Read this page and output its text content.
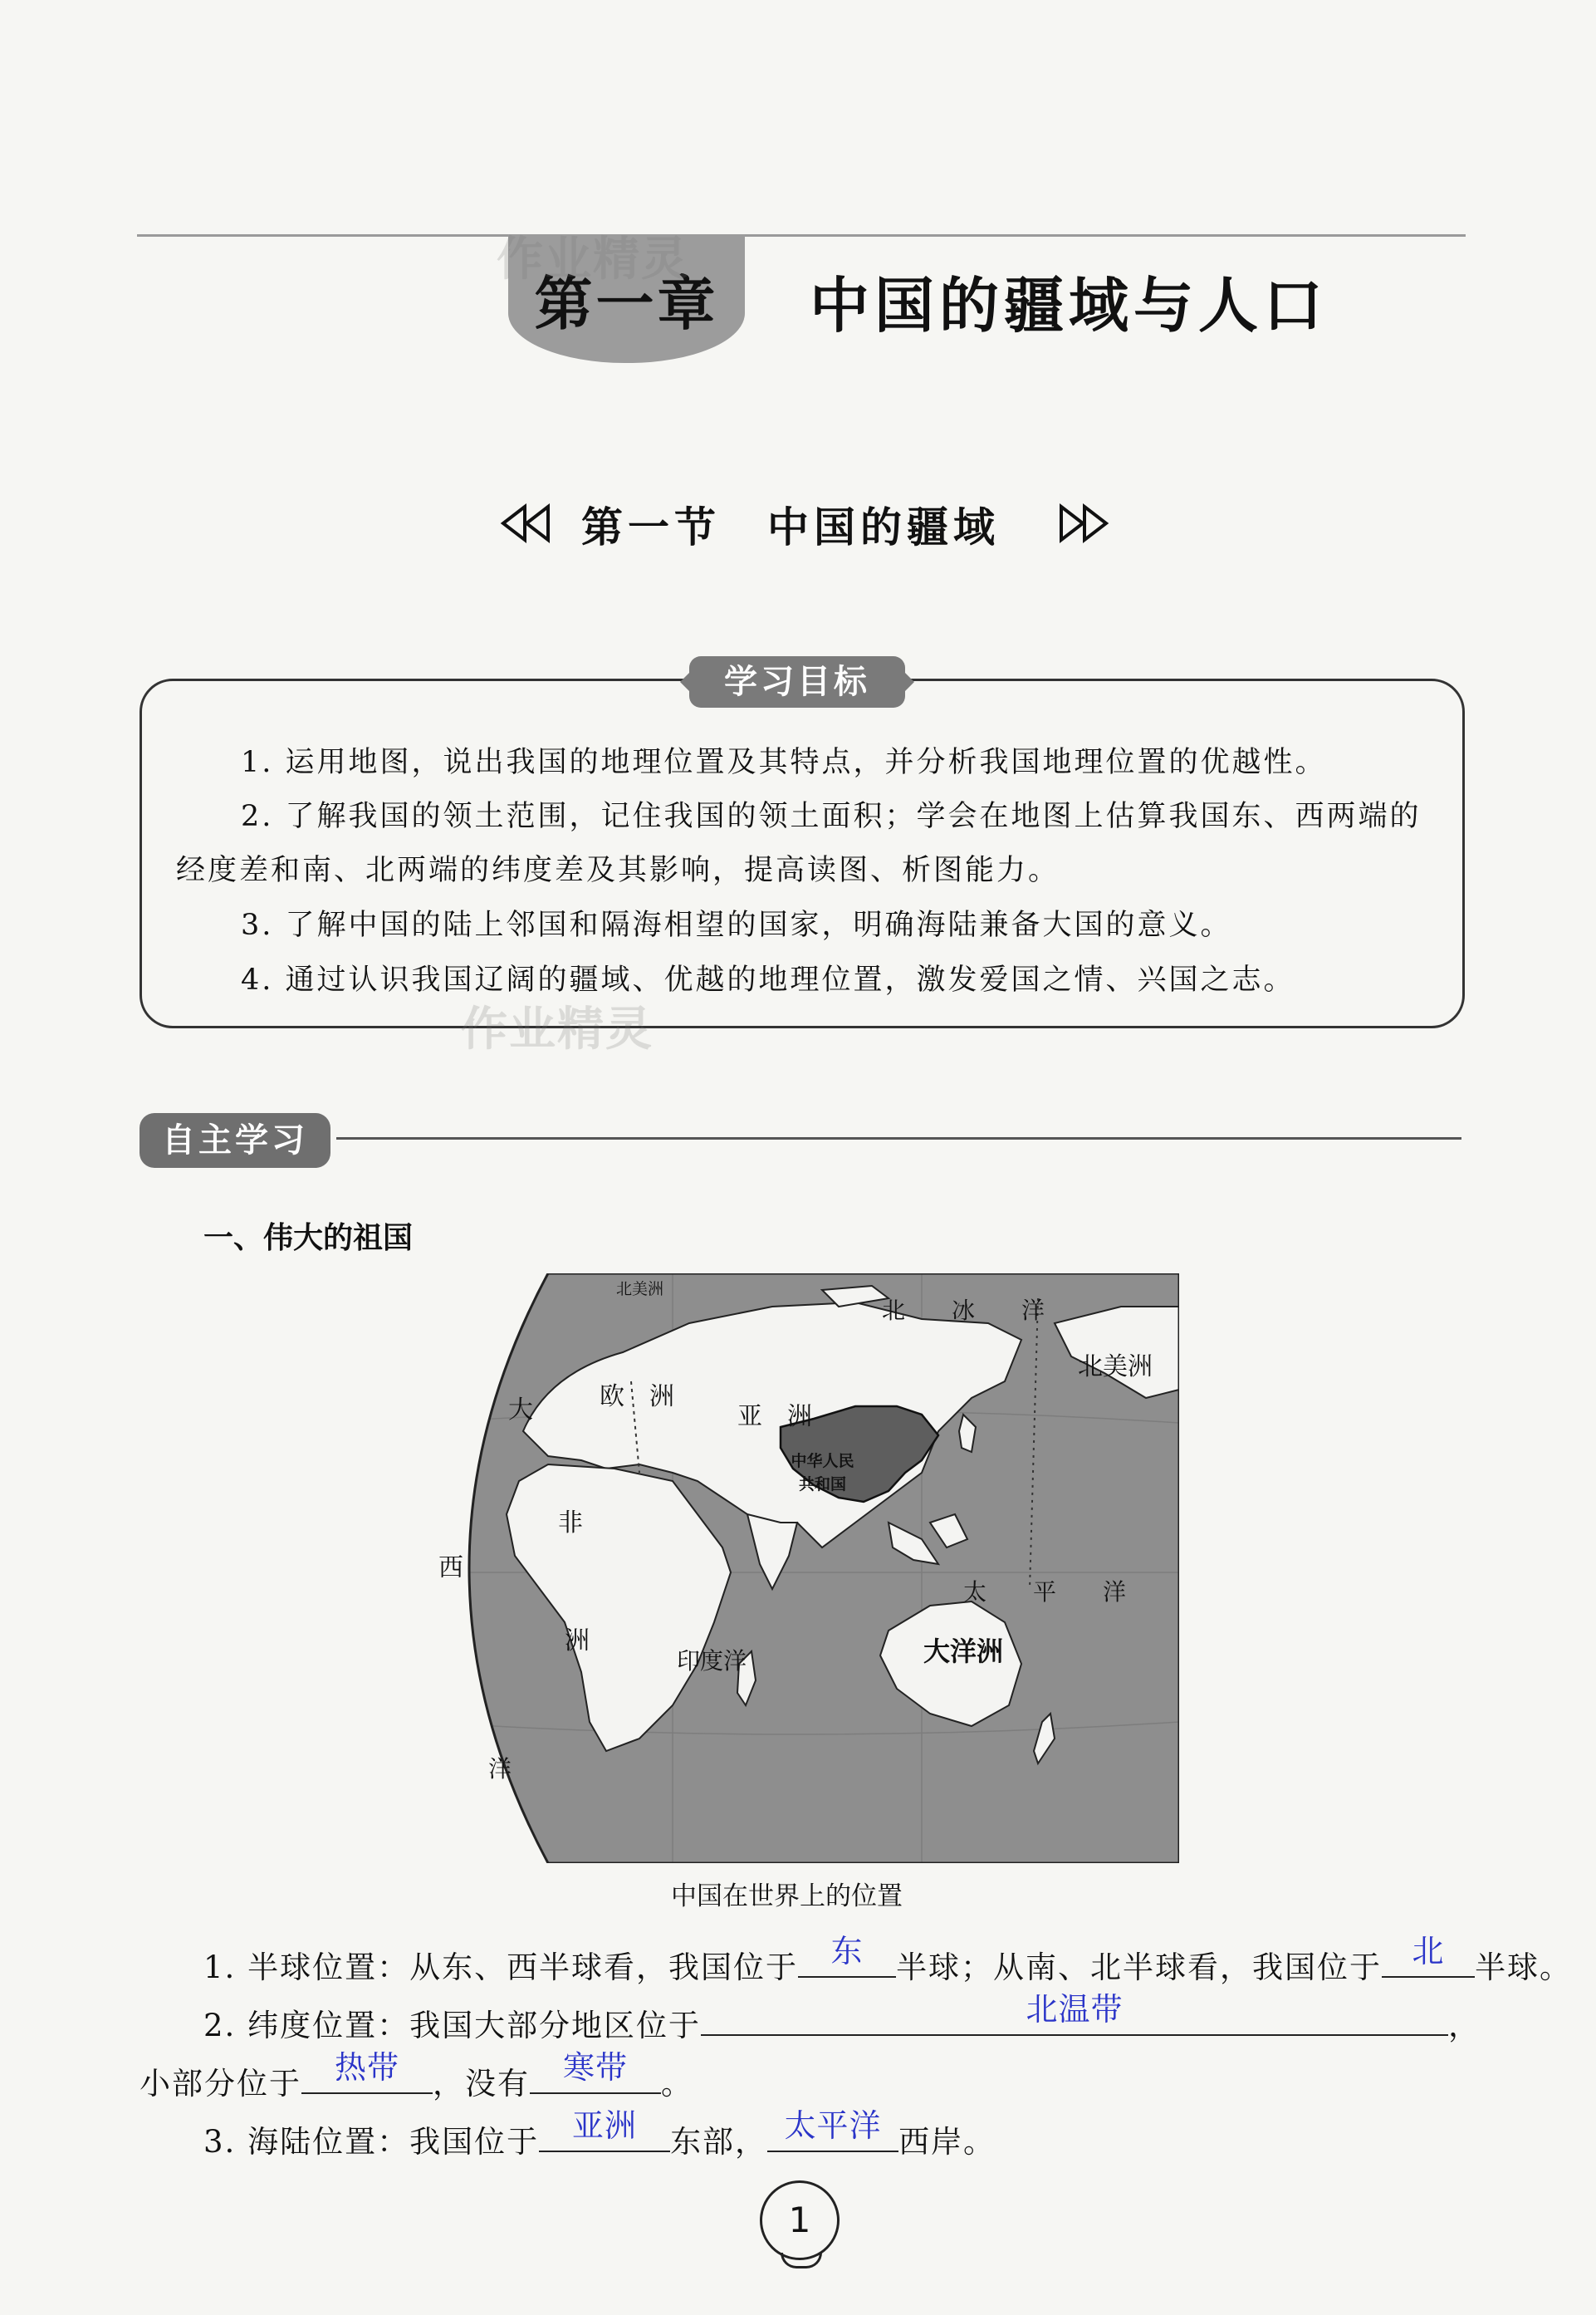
第一章	中国的疆域与人口
作业精灵
第一节　中国的疆域
学习目标
1. 运用地图，说出我国的地理位置及其特点，并分析我国地理位置的优越性。
2. 了解我国的领土范围，记住我国的领土面积；学会在地图上估算我国东、西两端的
经度差和南、北两端的纬度差及其影响，提高读图、析图能力。
3. 了解中国的陆上邻国和隔海相望的国家，明确海陆兼备大国的意义。
4. 通过认识我国辽阔的疆域、优越的地理位置，激发爱国之情、兴国之志。
作业精灵
自主学习
一、伟大的祖国
北美洲
北　　冰　　洋
北美洲
大	欧　洲
亚　洲
中华人民共和国
非
西
洲
太　　平　　洋
大洋洲
印度洋
洋
中国在世界上的位置
1. 半球位置：从东、西半球看，我国位于	东	半球；从南、北半球看，我国位于 北 半球。
2. 纬度位置：我国大部分地区位于	北温带	，
小部分位于	热带	，没有	寒带	。
3. 海陆位置：我国位于	亚洲	东部， 太平洋 西岸。
1
